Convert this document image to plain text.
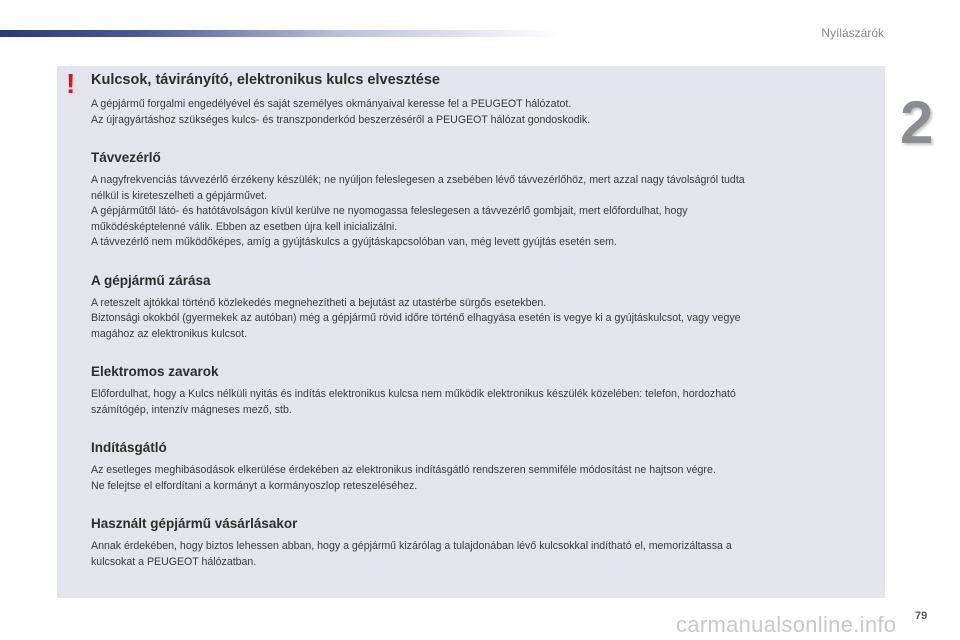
Nyílászárók
2
! Kulcsok, távirányító, elektronikus kulcs elvesztése

A gépjármű forgalmi engedélyével és saját személyes okmányaival keresse fel a PEUGEOT hálózatot.

Az újragyártáshoz szükséges kulcs- és transzponderkód beszerzéséről a PEUGEOT hálózat gondoskodik.

Távvezérlő

A nagyfrekvenciás távvezérlő érzékeny készülék; ne nyúljon feleslegesen a zsebében lévő távvezérlőhöz, mert azzal nagy távolságról tudta

nélkül is kireteszelheti a gépjárművet.

A gépjárműtől látó- és hatótávolságon kívül kerülve ne nyomogassa feleslegesen a távvezérlő gombjait, mert előfordulhat, hogy

működésképtelenné válik. Ebben az esetben újra kell inicializálni.

A távvezérlő nem működőképes, amíg a gyújtáskulcs a gyújtáskapcsolóban van, még levett gyújtás esetén sem.

A gépjármű zárása

A reteszelt ajtókkal történő közlekedés megnehezítheti a bejutást az utastérbe sürgős esetekben.

Biztonsági okokból (gyermekek az autóban) még a gépjármű rövid időre történő elhagyása esetén is vegye ki a gyújtáskulcsot, vagy vegye

magához az elektronikus kulcsot.

Elektromos zavarok

Előfordulhat, hogy a Kulcs nélküli nyitás és indítás elektronikus kulcsa nem működik elektronikus készülék közelében: telefon, hordozható

számítógép, intenzív mágneses mező, stb.

Indításgátló

Az esetleges meghibásodások elkerülése érdekében az elektronikus indításgátló rendszeren semmiféle módosítást ne hajtson végre.

Ne felejtse el elfordítani a kormányt a kormányoszlop reteszeléséhez.

Használt gépjármű vásárlásakor

Annak érdekében, hogy biztos lehessen abban, hogy a gépjármű kizárólag a tulajdonában lévő kulcsokkal indítható el, memorizáltassa a

kulcsokat a PEUGEOT hálózatban.

carmanualsonline.info 79
